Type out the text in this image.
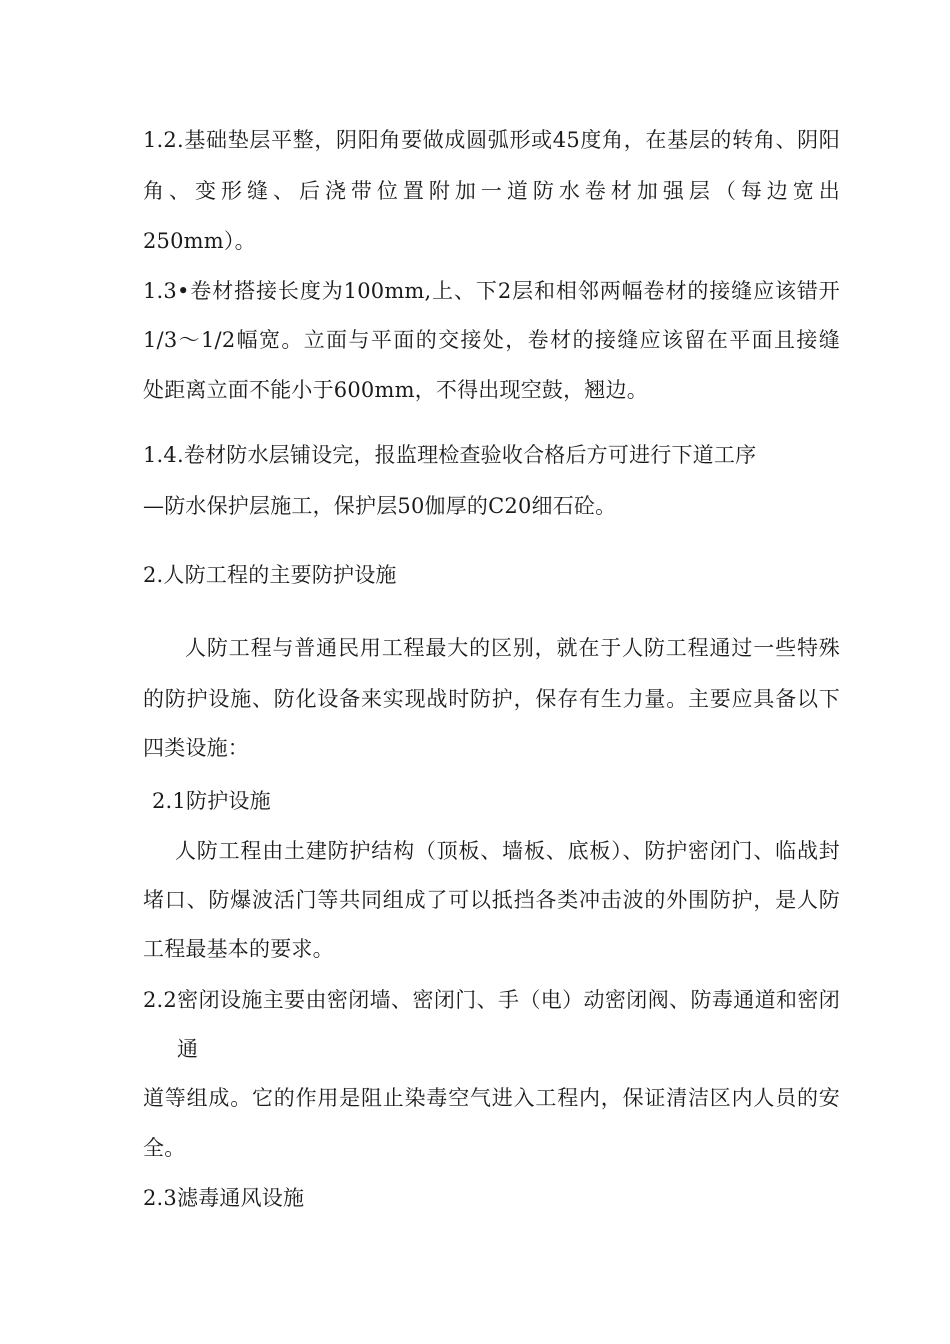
1.2.基础垫层平整，阴阳角要做成圆弧形或45度角，在基层的转角、阴阳
角、变形缝、后浇带位置附加一道防水卷材加强层（每边宽出
250mm）。
1.3•卷材搭接长度为100mm,上、下2层和相邻两幅卷材的接缝应该错开
1/3〜1/2幅宽。立面与平面的交接处，卷材的接缝应该留在平面且接缝
处距离立面不能小于600mm，不得出现空鼓，翘边。
1.4.卷材防水层铺设完，报监理检查验收合格后方可进行下道工序
—防水保护层施工，保护层50伽厚的C20细石砼。
2.人防工程的主要防护设施
人防工程与普通民用工程最大的区别，就在于人防工程通过一些特殊
的防护设施、防化设备来实现战时防护，保存有生力量。主要应具备以下
四类设施：
2.1防护设施
人防工程由土建防护结构（顶板、墙板、底板）、防护密闭门、临战封
堵口、防爆波活门等共同组成了可以抵挡各类冲击波的外围防护，是人防
工程最基本的要求。
2.2密闭设施主要由密闭墙、密闭门、手（电）动密闭阀、防毒通道和密闭
通
道等组成。它的作用是阻止染毒空气进入工程内，保证清洁区内人员的安
全。
2.3滤毒通风设施
